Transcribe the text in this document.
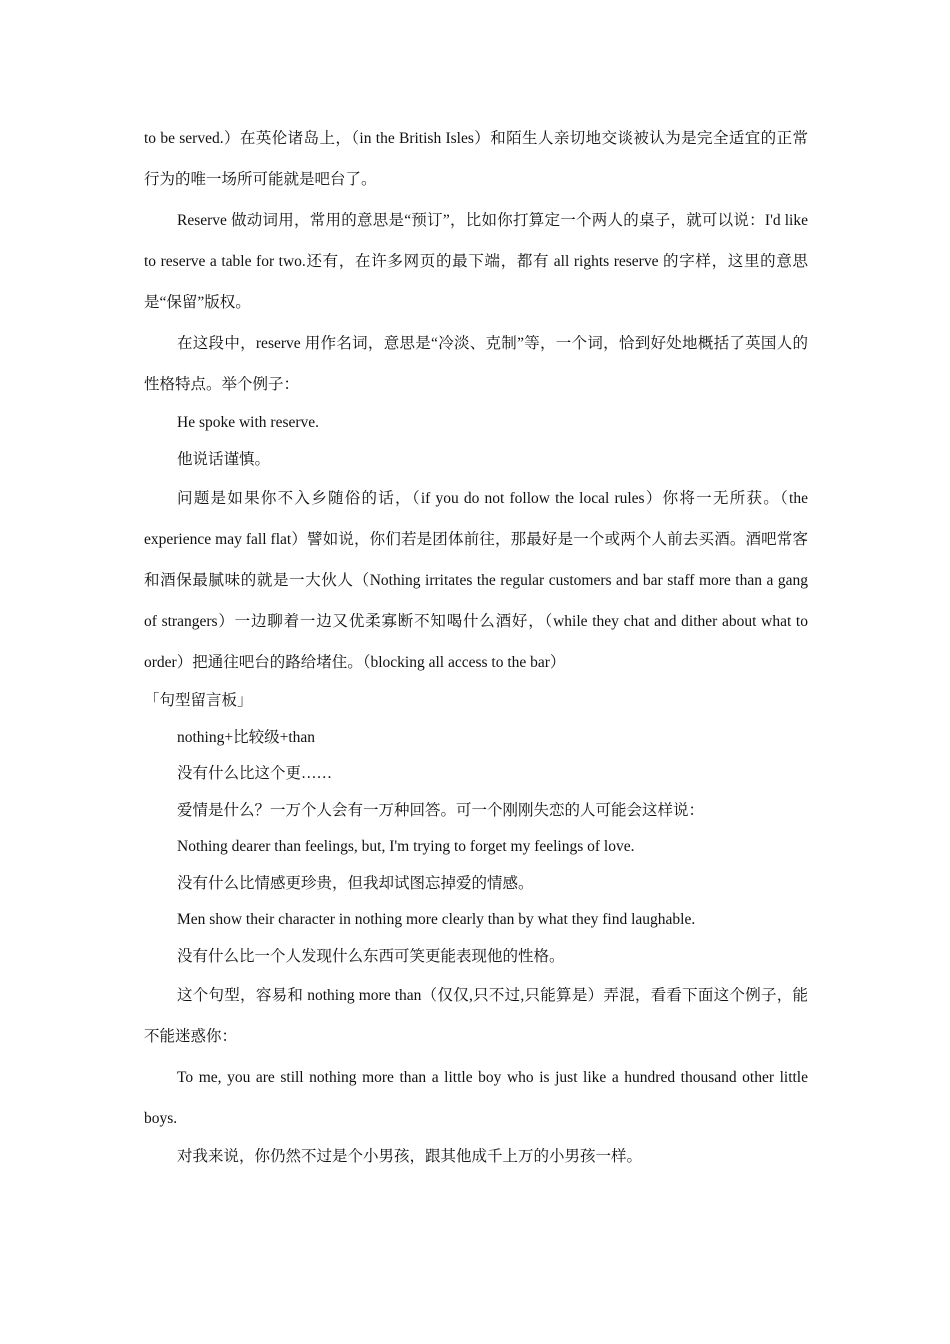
to be served.）在英伦诸岛上，（in the British Isles）和陌生人亲切地交谈被认为是完全适宜的正常行为的唯一场所可能就是吧台了。

Reserve 做动词用，常用的意思是“预订”，比如你打算定一个两人的桌子，就可以说：I'd like to reserve a table for two.还有，在许多网页的最下端，都有 all rights reserve 的字样，这里的意思是“保留”版权。

在这段中，reserve 用作名词，意思是“冷淡、克制”等，一个词，恰到好处地概括了英国人的性格特点。举个例子：

He spoke with reserve.

他说话谨慎。

问题是如果你不入乡随俗的话，（if you do not follow the local rules）你将一无所获。（the experience may fall flat）譬如说，你们若是团体前往，那最好是一个或两个人前去买酒。酒吧常客和酒保最腻味的就是一大伙人（Nothing irritates the regular customers and bar staff more than a gang of strangers）一边聊着一边又优柔寡断不知喝什么酒好，（while they chat and dither about what to order）把通往吧台的路给堵住。（blocking all access to the bar）

「句型留言板」

nothing+比较级+than

没有什么比这个更……

爱情是什么？一万个人会有一万种回答。可一个刚刚失恋的人可能会这样说：

Nothing dearer than feelings, but, I'm trying to forget my feelings of love.

没有什么比情感更珍贵，但我却试图忘掉爱的情感。

Men show their character in nothing more clearly than by what they find laughable.

没有什么比一个人发现什么东西可笑更能表现他的性格。

这个句型，容易和 nothing more than（仅仅,只不过,只能算是）弄混，看看下面这个例子，能不能迷惑你：

To me, you are still nothing more than a little boy who is just like a hundred thousand other little boys.

对我来说，你仍然不过是个小男孩，跟其他成千上万的小男孩一样。
